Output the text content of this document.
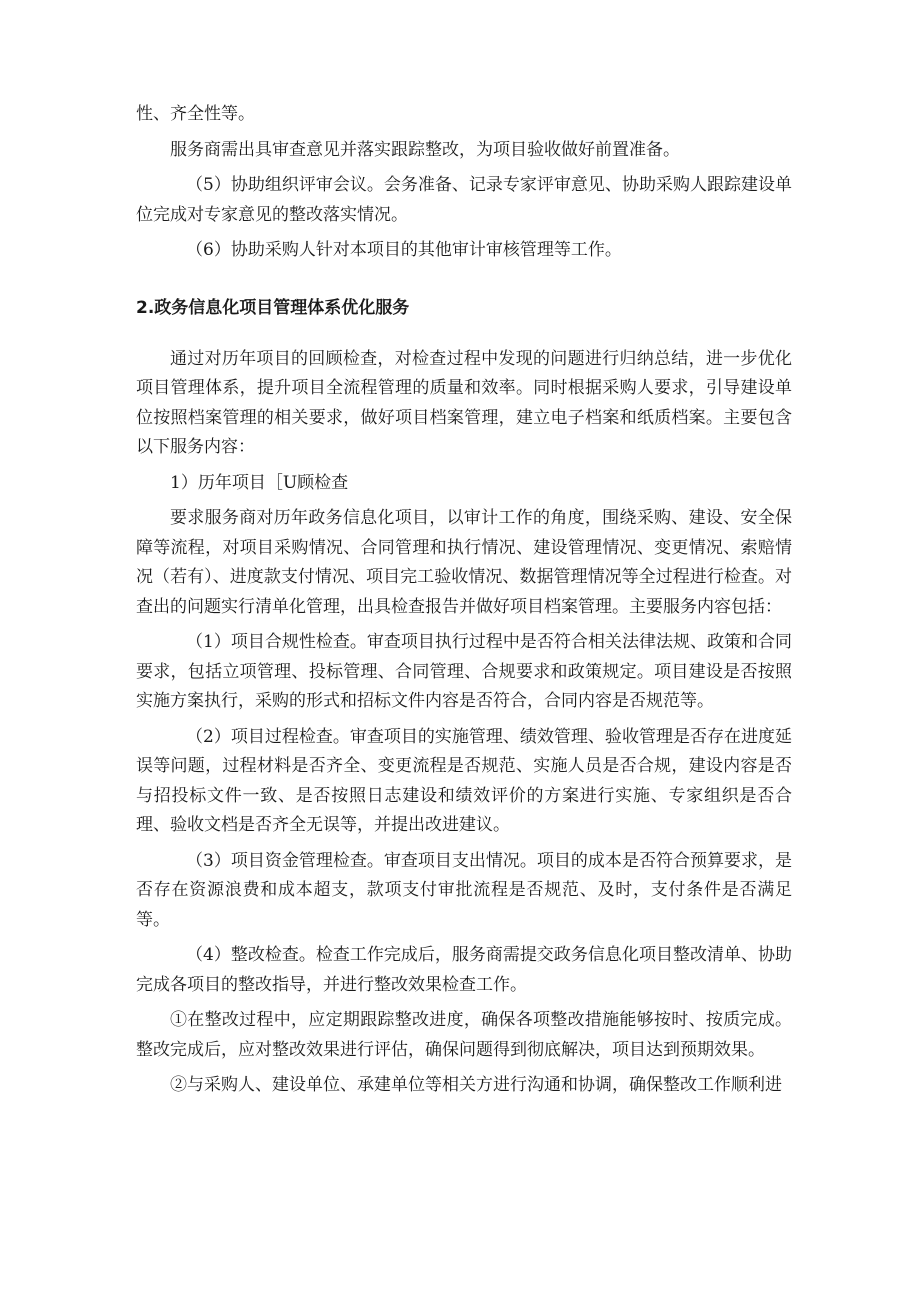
性、齐全性等。

服务商需出具审查意见并落实跟踪整改，为项目验收做好前置准备。

（5）协助组织评审会议。会务准备、记录专家评审意见、协助采购人跟踪建设单位完成对专家意见的整改落实情况。

（6）协助采购人针对本项目的其他审计审核管理等工作。

2.政务信息化项目管理体系优化服务

通过对历年项目的回顾检查，对检查过程中发现的问题进行归纳总结，进一步优化项目管理体系，提升项目全流程管理的质量和效率。同时根据采购人要求，引导建设单位按照档案管理的相关要求，做好项目档案管理，建立电子档案和纸质档案。主要包含以下服务内容：

1）历年项目［U顾检查

要求服务商对历年政务信息化项目，以审计工作的角度，围绕采购、建设、安全保障等流程，对项目采购情况、合同管理和执行情况、建设管理情况、变更情况、索赔情况（若有）、进度款支付情况、项目完工验收情况、数据管理情况等全过程进行检查。对查出的问题实行清单化管理，出具检查报告并做好项目档案管理。主要服务内容包括：

（1）项目合规性检查。审查项目执行过程中是否符合相关法律法规、政策和合同要求，包括立项管理、投标管理、合同管理、合规要求和政策规定。项目建设是否按照实施方案执行，采购的形式和招标文件内容是否符合，合同内容是否规范等。

（2）项目过程检查。审查项目的实施管理、绩效管理、验收管理是否存在进度延误等问题，过程材料是否齐全、变更流程是否规范、实施人员是否合规，建设内容是否与招投标文件一致、是否按照日志建设和绩效评价的方案进行实施、专家组织是否合理、验收文档是否齐全无误等，并提出改进建议。

（3）项目资金管理检查。审查项目支出情况。项目的成本是否符合预算要求，是否存在资源浪费和成本超支，款项支付审批流程是否规范、及时，支付条件是否满足等。

（4）整改检查。检查工作完成后，服务商需提交政务信息化项目整改清单、协助完成各项目的整改指导，并进行整改效果检查工作。

①在整改过程中，应定期跟踪整改进度，确保各项整改措施能够按时、按质完成。整改完成后，应对整改效果进行评估，确保问题得到彻底解决，项目达到预期效果。

②与采购人、建设单位、承建单位等相关方进行沟通和协调，确保整改工作顺利进
